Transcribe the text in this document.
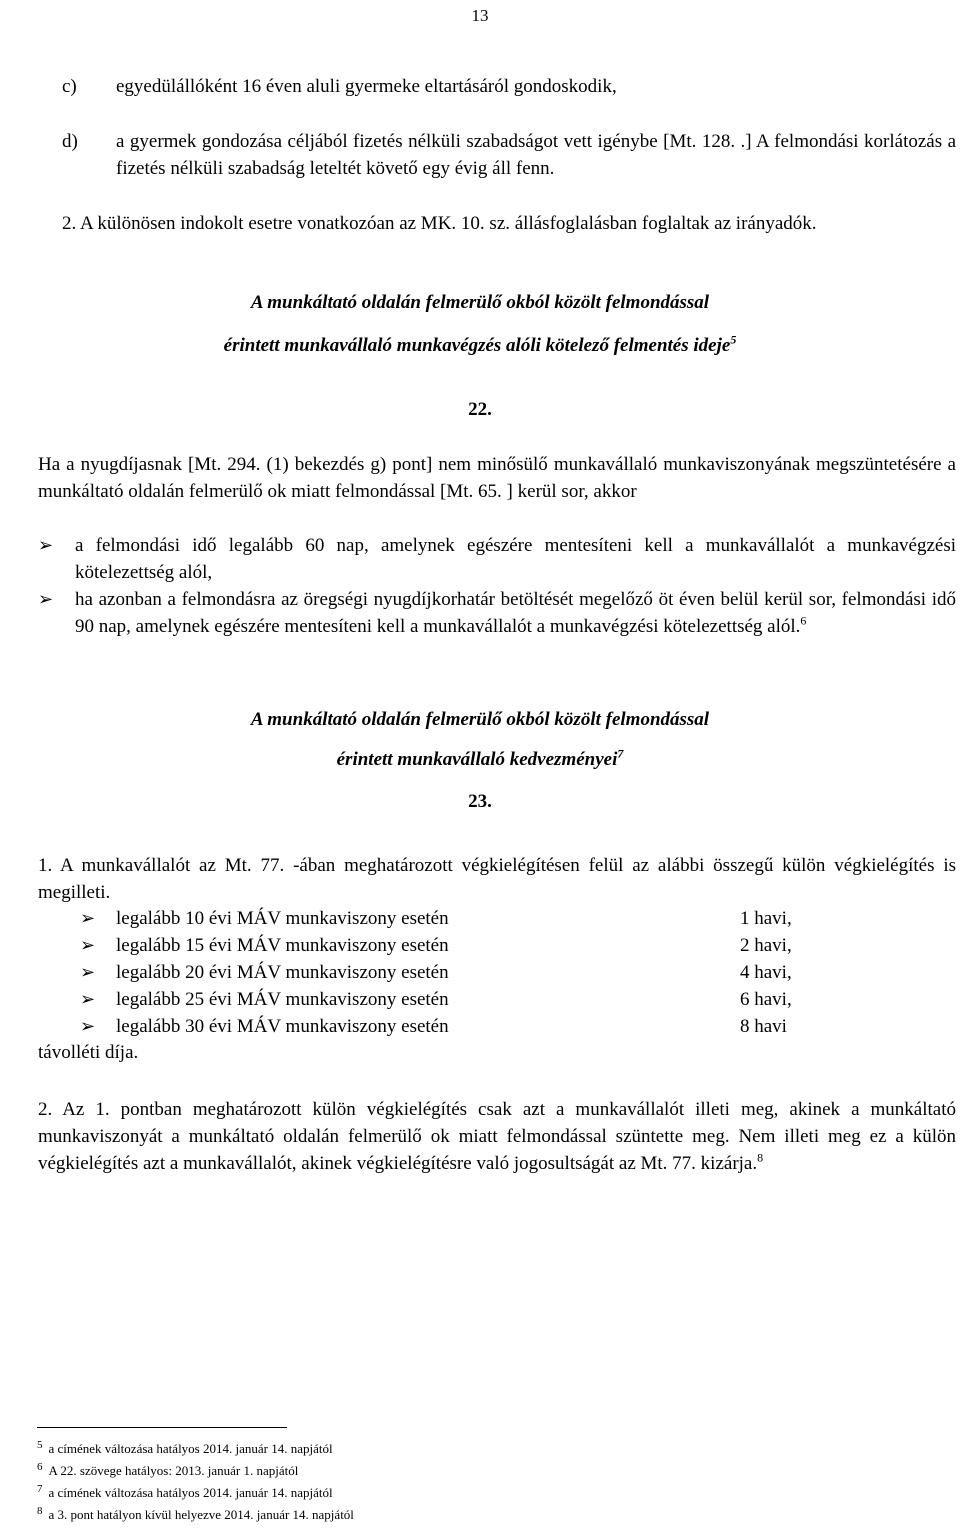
13
c) egyedülállóként 16 éven aluli gyermeke eltartásáról gondoskodik,
d) a gyermek gondozása céljából fizetés nélküli szabadságot vett igénybe [Mt. 128. .] A felmondási korlátozás a fizetés nélküli szabadság leteltét követő egy évig áll fenn.
2. A különösen indokolt esetre vonatkozóan az MK. 10. sz. állásfoglalásban foglaltak az irányadók.
A munkáltató oldalán felmerülő okból közölt felmondással
érintett munkavállaló munkavégzés alóli kötelező felmentés ideje$^5$
22.
Ha a nyugdíjasnak [Mt. 294. (1) bekezdés g) pont] nem minősülő munkavállaló munkaviszonyának megszüntetésére a munkáltató oldalán felmerülő ok miatt felmondással [Mt. 65. ] kerül sor, akkor
➢ a felmondási idő legalább 60 nap, amelynek egészére mentesíteni kell a munkavállalót a munkavégzési kötelezettség alól,
➢ ha azonban a felmondásra az öregségi nyugdíjkorhatár betöltését megelőző öt éven belül kerül sor, felmondási idő 90 nap, amelynek egészére mentesíteni kell a munkavállalót a munkavégzési kötelezettség alól.$^6$
A munkáltató oldalán felmerülő okból közölt felmondással
érintett munkavállaló kedvezményei$^7$
23.
1. A munkavállalót az Mt. 77. -ában meghatározott végkielégítésen felül az alábbi összegű külön végkielégítés is megilleti.
➢ legalább 10 évi MÁV munkaviszony esetén	1 havi,
➢ legalább 15 évi MÁV munkaviszony esetén	2 havi,
➢ legalább 20 évi MÁV munkaviszony esetén	4 havi,
➢ legalább 25 évi MÁV munkaviszony esetén	6 havi,
➢ legalább 30 évi MÁV munkaviszony esetén	8 havi
távolléti díja.
2. Az 1. pontban meghatározott külön végkielégítés csak azt a munkavállalót illeti meg, akinek a munkáltató munkaviszonyát a munkáltató oldalán felmerülő ok miatt felmondással szüntette meg. Nem illeti meg ez a külön végkielégítés azt a munkavállalót, akinek végkielégítésre való jogosultságát az Mt. 77. kizárja.$^8$
$^5$ a címének változása hatályos 2014. január 14. napjától
$^6$ A 22. szövege hatályos: 2013. január 1. napjától
$^7$ a címének változása hatályos 2014. január 14. napjától
$^8$ a 3. pont hatályon kívül helyezve 2014. január 14. napjától
